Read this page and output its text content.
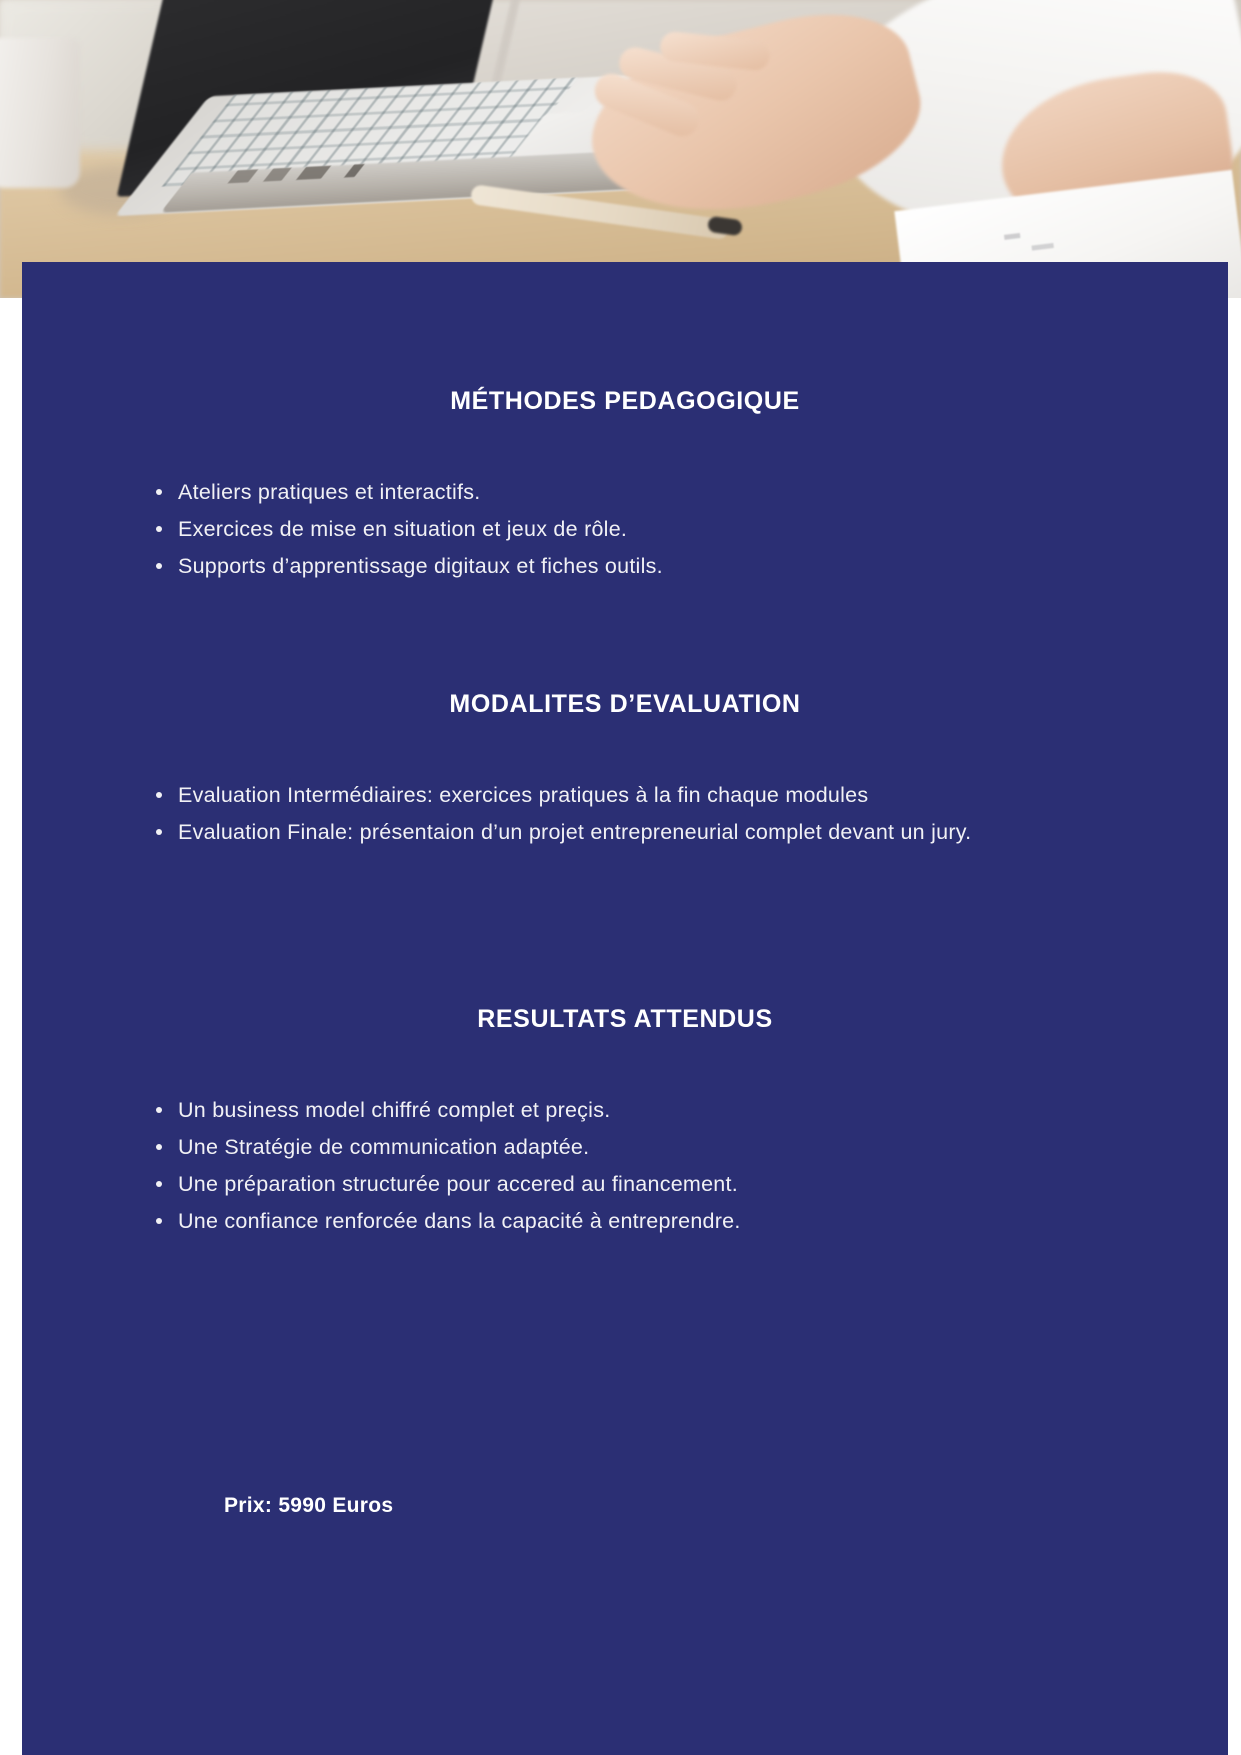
MÉTHODES PEDAGOGIQUE
Ateliers pratiques et interactifs.
Exercices de mise en situation et jeux de rôle.
Supports d’apprentissage digitaux et fiches outils.
MODALITES D’EVALUATION
Evaluation Intermédiaires: exercices pratiques à la fin chaque modules
Evaluation Finale: présentaion d’un projet entrepreneurial complet devant un jury.
RESULTATS ATTENDUS
Un business model chiffré complet et preçis.
Une Stratégie de communication adaptée.
Une préparation structurée pour accered au financement.
Une confiance renforcée dans la capacité à entreprendre.
Prix: 5990 Euros
